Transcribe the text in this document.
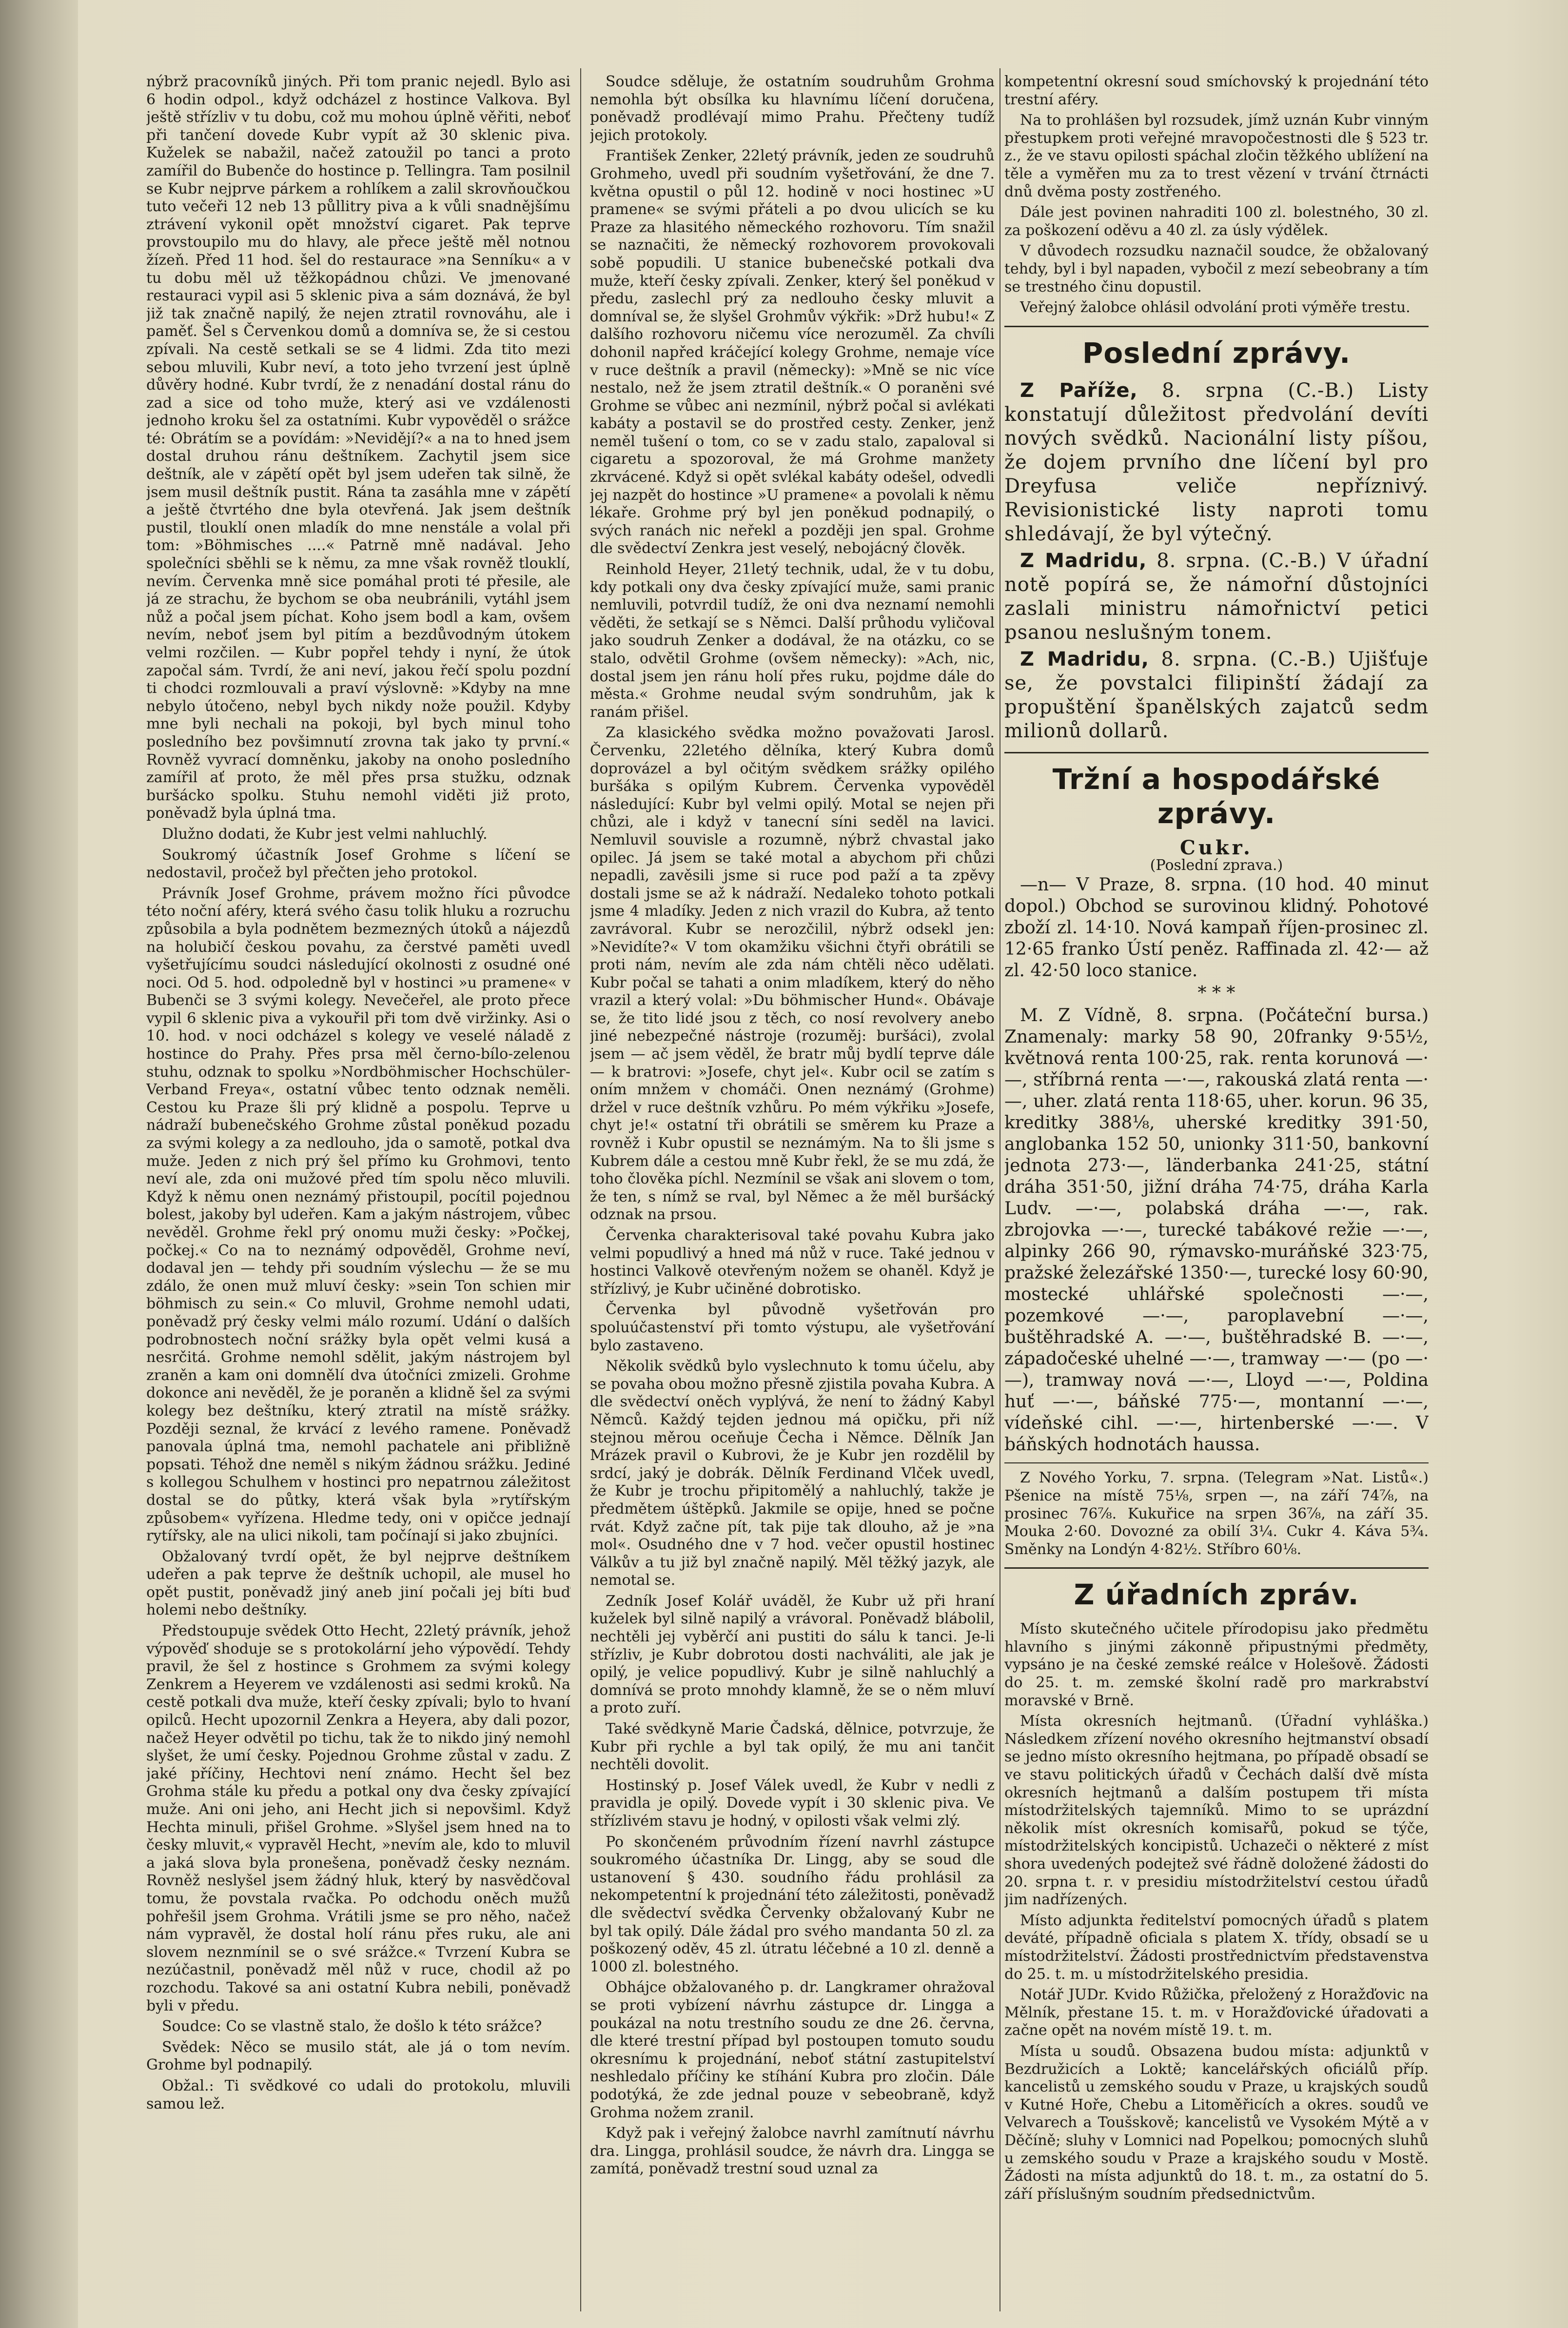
nýbrž pracovníků jiných. Při tom pranic nejedl. Bylo asi 6 hodin odpol., když odcházel z hostince Valkova. Byl ještě střízliv v tu dobu, což mu mohou úplně věřiti, neboť při tančení dovede Kubr vypít až 30 sklenic piva. Kuželek se nabažil, načež zatoužil po tanci a proto zamířil do Bubenče do hostince p. Tellingra. Tam posilnil se Kubr nejprve párkem a rohlíkem a zalil skrovňoučkou tuto večeři 12 neb 13 půllitry piva a k vůli snadnějšímu ztrávení vykonil opět množství cigaret. Pak teprve provstoupilo mu do hlavy, ale přece ještě měl notnou žízeň. Před 11 hod. šel do restaurace »na Senníku« a v tu dobu měl už těžkopádnou chůzi. Ve jmenované restauraci vypil asi 5 sklenic piva a sám doznává, že byl již tak značně napilý, že nejen ztratil rovnováhu, ale i paměť. Šel s Červenkou domů a domníva se, že si cestou zpívali. Na cestě setkali se se 4 lidmi. Zda tito mezi sebou mluvili, Kubr neví, a toto jeho tvrzení jest úplně důvěry hodné. Kubr tvrdí, že z nenadání dostal ránu do zad a sice od toho muže, který asi ve vzdálenosti jednoho kroku šel za ostatními. Kubr vypověděl o srážce té: Obrátím se a povídám: »Nevidějí?« a na to hned jsem dostal druhou ránu deštníkem. Zachytil jsem sice deštník, ale v zápětí opět byl jsem udeřen tak silně, že jsem musil deštník pustit. Rána ta zasáhla mne v zápětí a ještě čtvrtého dne byla otevřená. Jak jsem deštník pustil, tlouklí onen mladík do mne nenstále a volal při tom: »Böhmisches ....« Patrně mně nadával. Jeho společníci sběhli se k němu, za mne však rovněž tlouklí, nevím. Červenka mně sice pomáhal proti té přesile, ale já ze strachu, že bychom se oba neubránili, vytáhl jsem nůž a počal jsem píchat. Koho jsem bodl a kam, ovšem nevím, neboť jsem byl pitím a bezdůvodným útokem velmi rozčilen. — Kubr popřel tehdy i nyní, že útok započal sám. Tvrdí, že ani neví, jakou řečí spolu pozdní ti chodci rozmlouvali a praví výslovně: »Kdyby na mne nebylo útočeno, nebyl bych nikdy nože použil. Kdyby mne byli nechali na pokoji, byl bych minul toho posledního bez povšimnutí zrovna tak jako ty první.« Rovněž vyvrací domněnku, jakoby na onoho posledního zamířil ať proto, že měl přes prsa stužku, odznak buršácko spolku. Stuhu nemohl viděti již proto, poněvadž byla úplná tma.

Dlužno dodati, že Kubr jest velmi nahluchlý.

Soukromý účastník Josef Grohme s líčení se nedostavil, pročež byl přečten jeho protokol.

Právník Josef Grohme, právem možno říci původce této noční aféry, která svého času tolik hluku a rozruchu způsobila a byla podnětem bezmezných útoků a nájezdů na holubičí českou povahu, za čerstvé paměti uvedl vyšetřujícímu soudci následující okolnosti z osudné oné noci. Od 5. hod. odpoledně byl v hostinci »u pramene« v Bubenči se 3 svými kolegy. Nevečeřel, ale proto přece vypil 6 sklenic piva a vykouřil při tom dvě viržinky. Asi o 10. hod. v noci odcházel s kolegy ve veselé náladě z hostince do Prahy. Přes prsa měl černo-bílo-zelenou stuhu, odznak to spolku »Nordböhmischer Hochschüler-Verband Freya«, ostatní vůbec tento odznak neměli. Cestou ku Praze šli prý klidně a pospolu. Teprve u nádraží bubenečského Grohme zůstal poněkud pozadu za svými kolegy a za nedlouho, jda o samotě, potkal dva muže. Jeden z nich prý šel přímo ku Grohmovi, tento neví ale, zda oni mužové před tím spolu něco mluvili. Když k němu onen neznámý přistoupil, pocítil pojednou bolest, jakoby byl udeřen. Kam a jakým nástrojem, vůbec nevěděl. Grohme řekl prý onomu muži česky: »Počkej, počkej.« Co na to neznámý odpověděl, Grohme neví, dodaval jen — tehdy při soudním výslechu — že se mu zdálo, že onen muž mluví česky: »sein Ton schien mir böhmisch zu sein.« Co mluvil, Grohme nemohl udati, poněvadž prý česky velmi málo rozumí. Udání o dalších podrobnostech noční srážky byla opět velmi kusá a nesrčitá. Grohme nemohl sdělit, jakým nástrojem byl zraněn a kam oni domnělí dva útočníci zmizeli. Grohme dokonce ani nevěděl, že je poraněn a klidně šel za svými kolegy bez deštníku, který ztratil na místě srážky. Později seznal, že krvácí z levého ramene. Poněvadž panovala úplná tma, nemohl pachatele ani přibližně popsati. Téhož dne neměl s nikým žádnou srážku. Jediné s kollegou Schulhem v hostinci pro nepatrnou záležitost dostal se do půtky, která však byla »rytířským způsobem« vyřízena. Hledme tedy, oni v opičce jednají rytířsky, ale na ulici nikoli, tam počínají si jako zbujníci.

Obžalovaný tvrdí opět, že byl nejprve deštníkem udeřen a pak teprve že deštník uchopil, ale musel ho opět pustit, poněvadž jiný aneb jiní počali jej bíti buď holemi nebo deštníky.

Předstoupuje svědek Otto Hecht, 22letý právník, jehož výpověď shoduje se s protokolární jeho výpovědí. Tehdy pravil, že šel z hostince s Grohmem za svými kolegy Zenkrem a Heyerem ve vzdálenosti asi sedmi kroků. Na cestě potkali dva muže, kteří česky zpívali; bylo to hvaní opilců. Hecht upozornil Zenkra a Heyera, aby dali pozor, načež Heyer odvětil po tichu, tak že to nikdo jiný nemohl slyšet, že umí česky. Pojednou Grohme zůstal v zadu. Z jaké příčiny, Hechtovi není známo. Hecht šel bez Grohma stále ku předu a potkal ony dva česky zpívající muže. Ani oni jeho, ani Hecht jich si nepovšiml. Když Hechta minuli, přišel Grohme. »Slyšel jsem hned na to česky mluvit,« vypravěl Hecht, »nevím ale, kdo to mluvil a jaká slova byla pronešena, poněvadž česky neznám. Rovněž neslyšel jsem žádný hluk, který by nasvědčoval tomu, že povstala rvačka. Po odchodu oněch mužů pohřešil jsem Grohma. Vrátili jsme se pro něho, načež nám vypravěl, že dostal holí ránu přes ruku, ale ani slovem neznmínil se o své srážce.« Tvrzení Kubra se nezúčastnil, poněvadž měl nůž v ruce, chodil až po rozchodu. Takové sa ani ostatní Kubra nebili, poněvadž byli v předu.

Soudce: Co se vlastně stalo, že došlo k této srážce?

Svědek: Něco se musilo stát, ale já o tom nevím. Grohme byl podnapilý.

Obžal.: Ti svědkové co udali do protokolu, mluvili samou lež.

Soudce sděluje, že ostatním soudruhům Grohma nemohla být obsílka ku hlavnímu líčení doručena, poněvadž prodlévají mimo Prahu. Přečteny tudíž jejich protokoly.

František Zenker, 22letý právník, jeden ze soudruhů Grohmeho, uvedl při soudním vyšetřování, že dne 7. května opustil o půl 12. hodině v noci hostinec »U pramene« se svými přáteli a po dvou ulicích se ku Praze za hlasitého německého rozhovoru. Tím snažil se naznačiti, že německý rozhovorem provokovali sobě popudili. U stanice bubenečské potkali dva muže, kteří česky zpívali. Zenker, který šel poněkud v předu, zaslechl prý za nedlouho česky mluvit a domníval se, že slyšel Grohmův výkřik: »Drž hubu!« Z dalšího rozhovoru ničemu více nerozuměl. Za chvíli dohonil napřed kráčející kolegy Grohme, nemaje více v ruce deštník a pravil (německy): »Mně se nic více nestalo, než že jsem ztratil deštník.« O poraněni své Grohme se vůbec ani nezmínil, nýbrž počal si avlékati kabáty a postavil se do prostřed cesty. Zenker, jenž neměl tušení o tom, co se v zadu stalo, zapaloval si cigaretu a spozoroval, že má Grohme manžety zkrvácené. Když si opět svlékal kabáty odešel, odvedli jej nazpět do hostince »U pramene« a povolali k němu lékaře. Grohme prý byl jen poněkud podnapilý, o svých ranách nic neřekl a později jen spal. Grohme dle svědectví Zenkra jest veselý, nebojácný člověk.

Reinhold Heyer, 21letý technik, udal, že v tu dobu, kdy potkali ony dva česky zpívající muže, sami pranic nemluvili, potvrdil tudíž, že oni dva neznamí nemohli věděti, že setkají se s Němci. Další průhodu vyličoval jako soudruh Zenker a dodával, že na otázku, co se stalo, odvětil Grohme (ovšem německy): »Ach, nic, dostal jsem jen ránu holí přes ruku, pojdme dále do města.« Grohme neudal svým sondruhům, jak k ranám přišel.

Za klasického svědka možno považovati Jarosl. Červenku, 22letého dělníka, který Kubra domů doprovázel a byl očitým svědkem srážky opilého buršáka s opilým Kubrem. Červenka vypověděl následující: Kubr byl velmi opilý. Motal se nejen při chůzi, ale i když v tanecní síni seděl na lavici. Nemluvil souvisle a rozumně, nýbrž chvastal jako opilec. Já jsem se také motal a abychom při chůzi nepadli, zavěsili jsme si ruce pod paží a ta zpěvy dostali jsme se až k nádraží. Nedaleko tohoto potkali jsme 4 mladíky. Jeden z nich vrazil do Kubra, až tento zavrávoral. Kubr se nerozčilil, nýbrž odsekl jen: »Nevidíte?« V tom okamžiku všichni čtyři obrátili se proti nám, nevím ale zda nám chtěli něco udělati. Kubr počal se tahati a onim mladíkem, který do něho vrazil a který volal: »Du böhmischer Hund«. Obávaje se, že tito lidé jsou z těch, co nosí revolvery anebo jiné nebezpečné nástroje (rozuměj: buršáci), zvolal jsem — ač jsem věděl, že bratr můj bydlí teprve dále — k bratrovi: »Josefe, chyt jel«. Kubr ocil se zatím s oním mnžem v chomáči. Onen neznámý (Grohme) držel v ruce deštník vzhůru. Po mém výkřiku »Josefe, chyt je!« ostatní tři obrátili se směrem ku Praze a rovněž i Kubr opustil se neznámým. Na to šli jsme s Kubrem dále a cestou mně Kubr řekl, že se mu zdá, že toho člověka píchl. Nezmínil se však ani slovem o tom, že ten, s nímž se rval, byl Němec a že měl buršácký odznak na prsou.

Červenka charakterisoval také povahu Kubra jako velmi popudlivý a hned má nůž v ruce. Také jednou v hostinci Valkově otevřeným nožem se ohaněl. Když je střízlivý, je Kubr učiněné dobrotisko.

Červenka byl původně vyšetřován pro spoluúčastenství při tomto výstupu, ale vyšetřování bylo zastaveno.

Několik svědků bylo vyslechnuto k tomu účelu, aby se povaha obou možno přesně zjistila povaha Kubra. A dle svědectví oněch vyplývá, že není to žádný Kabyl Němců. Každý tejden jednou má opičku, při níž stejnou měrou oceňuje Čecha i Němce. Dělník Jan Mrázek pravil o Kubrovi, že je Kubr jen rozdělil by srdcí, jaký je dobrák. Dělník Ferdinand Vlček uvedl, že Kubr je trochu připitomělý a nahluchlý, takže je předmětem úštěpků. Jakmile se opije, hned se počne rvát. Když začne pít, tak pije tak dlouho, až je »na mol«. Osudného dne v 7 hod. večer opustil hostinec Válkův a tu již byl značně napilý. Měl těžký jazyk, ale nemotal se.

Zedník Josef Kolář uváděl, že Kubr už při hraní kuželek byl silně napilý a vrávoral. Poněvadž blábolil, nechtěli jej vyběrčí ani pustiti do sálu k tanci. Je-li střízliv, je Kubr dobrotou dosti nachváliti, ale jak je opilý, je velice popudlivý. Kubr je silně nahluchlý a domnívá se proto mnohdy klamně, že se o něm mluví a proto zuří.

Také svědkyně Marie Čadská, dělnice, potvrzuje, že Kubr při rychle a byl tak opilý, že mu ani tančit nechtěli dovolit.

Hostinský p. Josef Válek uvedl, že Kubr v nedli z pravidla je opilý. Dovede vypít i 30 sklenic piva. Ve střízlivém stavu je hodný, v opilosti však velmi zlý.

Po skončeném průvodním řízení navrhl zástupce soukromého účastníka Dr. Lingg, aby se soud dle ustanovení § 430. soudního řádu prohlásil za nekompetentní k projednání této záležitosti, poněvadž dle svědectví svědka Červenky obžalovaný Kubr ne byl tak opilý. Dále žádal pro svého mandanta 50 zl. za poškozený oděv, 45 zl. útratu léčebné a 10 zl. denně a 1000 zl. bolestného.

Obhájce obžalovaného p. dr. Langkramer ohražoval se proti vybízení návrhu zástupce dr. Lingga a poukázal na notu trestního soudu ze dne 26. června, dle které trestní případ byl postoupen tomuto soudu okresnímu k projednání, neboť státní zastupitelství neshledalo příčiny ke stíhání Kubra pro zločin. Dále podotýká, že zde jednal pouze v sebeobraně, když Grohma nožem zranil.

Když pak i veřejný žalobce navrhl zamítnutí návrhu dra. Lingga, prohlásil soudce, že návrh dra. Lingga se zamítá, poněvadž trestní soud uznal za

kompetentní okresní soud smíchovský k projednání této trestní aféry.

Na to prohlášen byl rozsudek, jímž uznán Kubr vinným přestupkem proti veřejné mravopočestnosti dle § 523 tr. z., že ve stavu opilosti spáchal zločin těžkého ublížení na těle a vyměřen mu za to trest vězení v trvání čtrnácti dnů dvěma posty zostřeného.

Dále jest povinen nahraditi 100 zl. bolestného, 30 zl. za poškození oděvu a 40 zl. za úsly výdělek.

V důvodech rozsudku naznačil soudce, že obžalovaný tehdy, byl i byl napaden, vybočil z mezí sebeobrany a tím se trestného činu dopustil.

Veřejný žalobce ohlásil odvolání proti výměře trestu.

Poslední zprávy.

Z Paříže, 8. srpna (C.-B.) Listy konstatují důležitost předvolání devíti nových svědků. Nacionální listy píšou, že dojem prvního dne líčení byl pro Dreyfusa veliče nepříznivý. Revisionistické listy naproti tomu shledávají, že byl výtečný.

Z Madridu, 8. srpna. (C.-B.) V úřadní notě popírá se, že námořní důstojníci zaslali ministru námořnictví petici psanou neslušným tonem.

Z Madridu, 8. srpna. (C.-B.) Ujišťuje se, že povstalci filipinští žádají za propuštění španělských zajatců sedm milionů dollarů.

Tržní a hospodářské zprávy.
Cukr.
(Poslední zprava.)

—n— V Praze, 8. srpna. (10 hod. 40 minut dopol.) Obchod se surovinou klidný. Pohotové zboží zl. 14·10. Nová kampaň říjen-prosinec zl. 12·65 franko Ústí peněz. Raffinada zl. 42·— až zl. 42·50 loco stanice.

* * *

M. Z Vídně, 8. srpna. (Počáteční bursa.) Znamenaly: marky 58 90, 20franky 9·55½, květnová renta 100·25, rak. renta korunová —·—, stříbrná renta —·—, rakouská zlatá renta —·—, uher. zlatá renta 118·65, uher. korun. 96 35, kreditky 388⅛, uherské kreditky 391·50, anglobanka 152 50, unionky 311·50, bankovní jednota 273·—, länderbanka 241·25, státní dráha 351·50, jižní dráha 74·75, dráha Karla Ludv. —·—, polabská dráha —·—, rak. zbrojovka —·—, turecké tabákové režie —·—, alpinky 266 90, rýmavsko-muráňské 323·75, pražské železářské 1350·—, turecké losy 60·90, mostecké uhlářské společnosti —·—, pozemkové —·—, paroplavební —·—, buštěhradské A. —·—, buštěhradské B. —·—, západočeské uhelné —·—, tramway —·— (po —·—), tramway nová —·—, Lloyd —·—, Poldina huť —·—, báňské 775·—, montanní —·—, vídeňské cihl. —·—, hirtenberské —·—. V báňských hodnotách haussa.

Z Nového Yorku, 7. srpna. (Telegram »Nat. Listů«.) Pšenice na místě 75⅛, srpen —, na září 74⅞, na prosinec 76⅞. Kukuřice na srpen 36⅞, na září 35. Mouka 2·60. Dovozné za obilí 3¼. Cukr 4. Káva 5¾. Směnky na Londýn 4·82½. Stříbro 60⅛.

Z úřadních zpráv.

Místo skutečného učitele přírodopisu jako předmětu hlavního s jinými zákonně připustnými předměty, vypsáno je na české zemské reálce v Holešově. Žádosti do 25. t. m. zemské školní radě pro markrabství moravské v Brně.

Místa okresních hejtmanů. (Úřadní vyhláška.) Následkem zřízení nového okresního hejtmanství obsadí se jedno místo okresního hejtmana, po případě obsadí se ve stavu politických úřadů v Čechách další dvě místa okresních hejtmanů a dalším postupem tři místa místodržitelských tajemníků. Mimo to se uprázdní několik míst okresních komisařů, pokud se týče, místodržitelských koncipistů. Uchazeči o některé z míst shora uvedených podejtež své řádně doložené žádosti do 20. srpna t. r. v presidiu místodržitelství cestou úřadů jim nadřízených.

Místo adjunkta ředitelství pomocných úřadů s platem deváté, případně oficiala s platem X. třídy, obsadí se u místodržitelství. Žádosti prostřednictvím představenstva do 25. t. m. u místodržitelského presidia.

Notář JUDr. Kvido Růžička, přeložený z Horažďovic na Mělník, přestane 15. t. m. v Horažďovické úřadovati a začne opět na novém místě 19. t. m.

Místa u soudů. Obsazena budou místa: adjunktů v Bezdružicích a Loktě; kancelářských oficiálů příp. kancelistů u zemského soudu v Praze, u krajských soudů v Kutné Hoře, Chebu a Litoměřicích a okres. soudů ve Velvarech a Toušskově; kancelistů ve Vysokém Mýtě a v Děčíně; sluhy v Lomnici nad Popelkou; pomocných sluhů u zemského soudu v Praze a krajského soudu v Mostě. Žádosti na místa adjunktů do 18. t. m., za ostatní do 5. září příslušným soudním předsednictvům.
